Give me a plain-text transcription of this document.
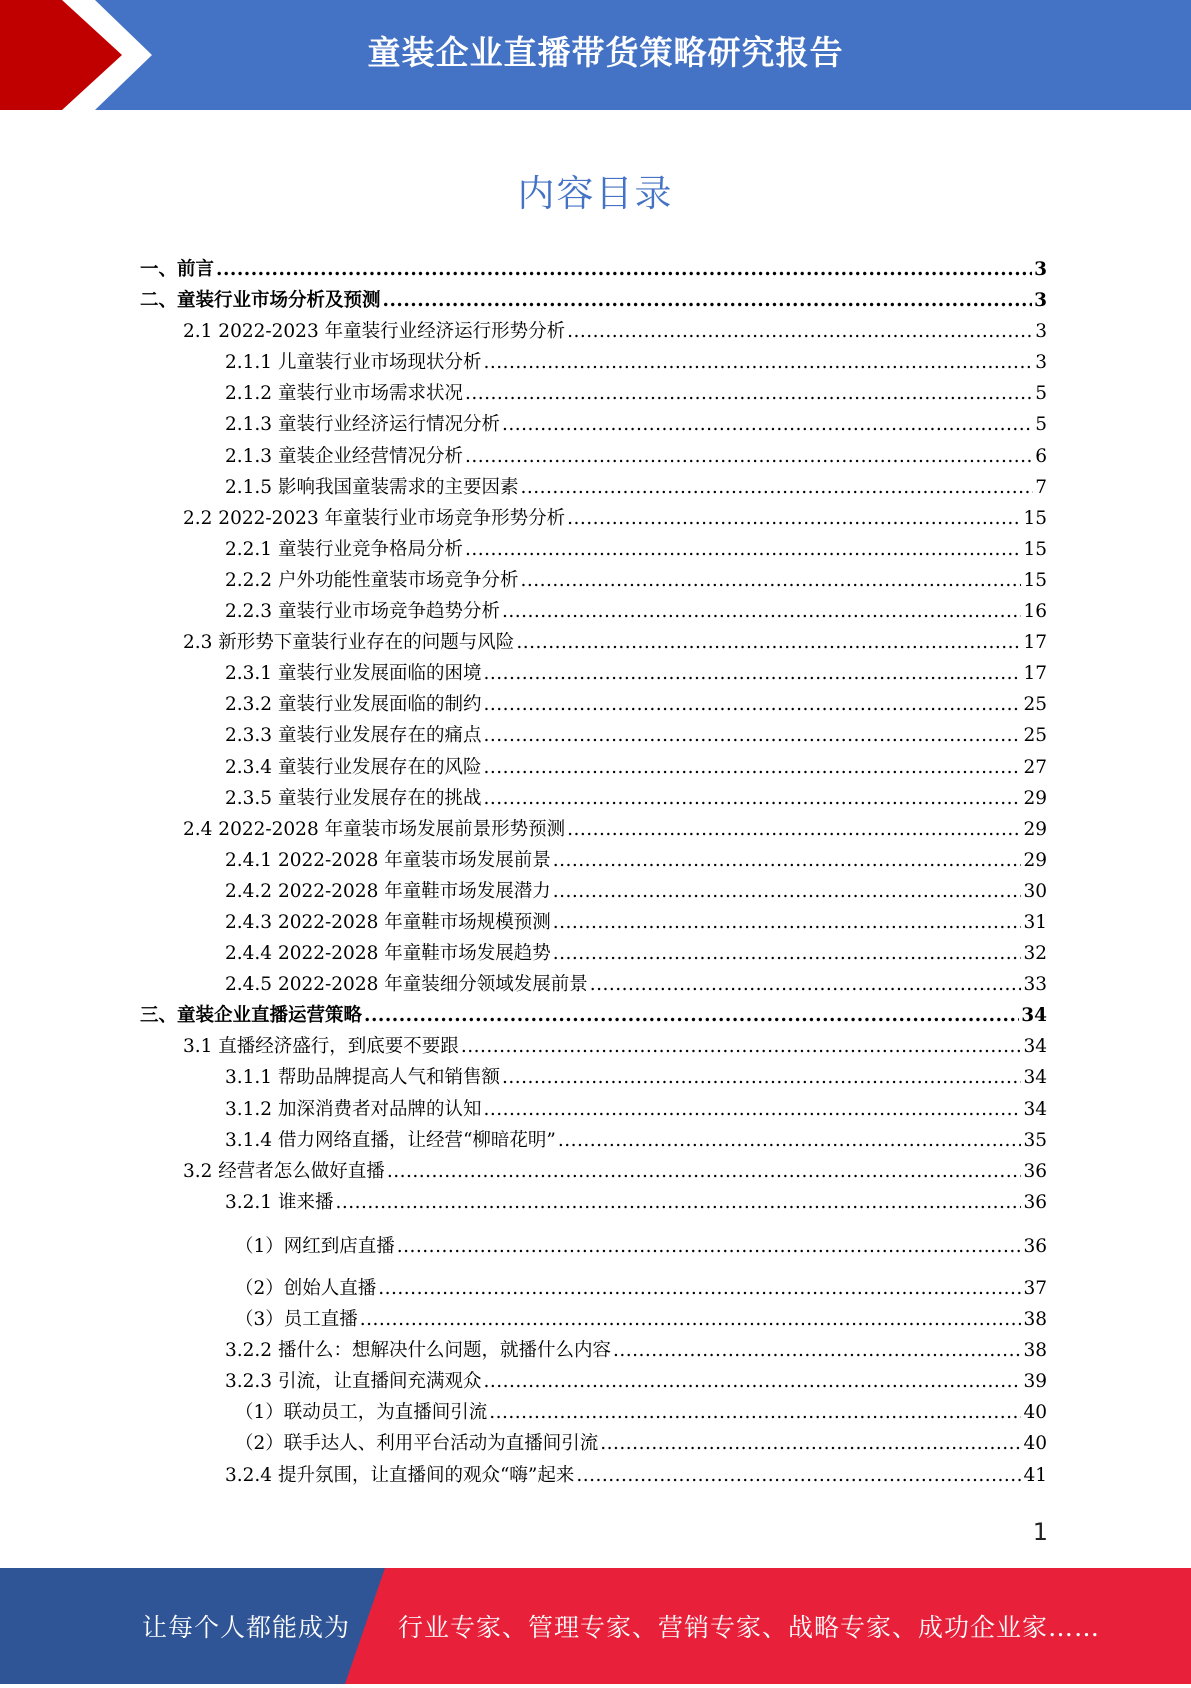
童装企业直播带货策略研究报告
内容目录
一、前言 .....	3
二、童装行业市场分析及预测 .....	3
2.1 2022-2023 年童装行业经济运行形势分析 .....	3
2.1.1 儿童装行业市场现状分析 .....	3
2.1.2 童装行业市场需求状况 .....	5
2.1.3 童装行业经济运行情况分析 .....	5
2.1.3 童装企业经营情况分析 .....	6
2.1.5 影响我国童装需求的主要因素 .....	7
2.2 2022-2023 年童装行业市场竞争形势分析 .....	15
2.2.1 童装行业竞争格局分析 .....	15
2.2.2 户外功能性童装市场竞争分析 .....	15
2.2.3 童装行业市场竞争趋势分析 .....	16
2.3 新形势下童装行业存在的问题与风险 .....	17
2.3.1 童装行业发展面临的困境 .....	17
2.3.2 童装行业发展面临的制约 .....	25
2.3.3 童装行业发展存在的痛点 .....	25
2.3.4 童装行业发展存在的风险 .....	27
2.3.5 童装行业发展存在的挑战 .....	29
2.4 2022-2028 年童装市场发展前景形势预测 .....	29
2.4.1 2022-2028 年童装市场发展前景 .....	29
2.4.2 2022-2028 年童鞋市场发展潜力 .....	30
2.4.3 2022-2028 年童鞋市场规模预测 .....	31
2.4.4 2022-2028 年童鞋市场发展趋势 .....	32
2.4.5 2022-2028 年童装细分领域发展前景 .....	33
三、童装企业直播运营策略 .....	34
3.1 直播经济盛行，到底要不要跟 .....	34
3.1.1 帮助品牌提高人气和销售额 .....	34
3.1.2 加深消费者对品牌的认知 .....	34
3.1.4 借力网络直播，让经营“柳暗花明” .....	35
3.2 经营者怎么做好直播 .....	36
3.2.1 谁来播 .....	36
（1）网红到店直播 .....	36
（2）创始人直播 .....	37
（3）员工直播 .....	38
3.2.2 播什么：想解决什么问题，就播什么内容 .....	38
3.2.3 引流，让直播间充满观众 .....	39
（1）联动员工，为直播间引流 .....	40
（2）联手达人、利用平台活动为直播间引流 .....	40
3.2.4 提升氛围，让直播间的观众“嗨”起来 .....	41
1
让每个人都能成为 行业专家、管理专家、营销专家、战略专家、成功企业家……
